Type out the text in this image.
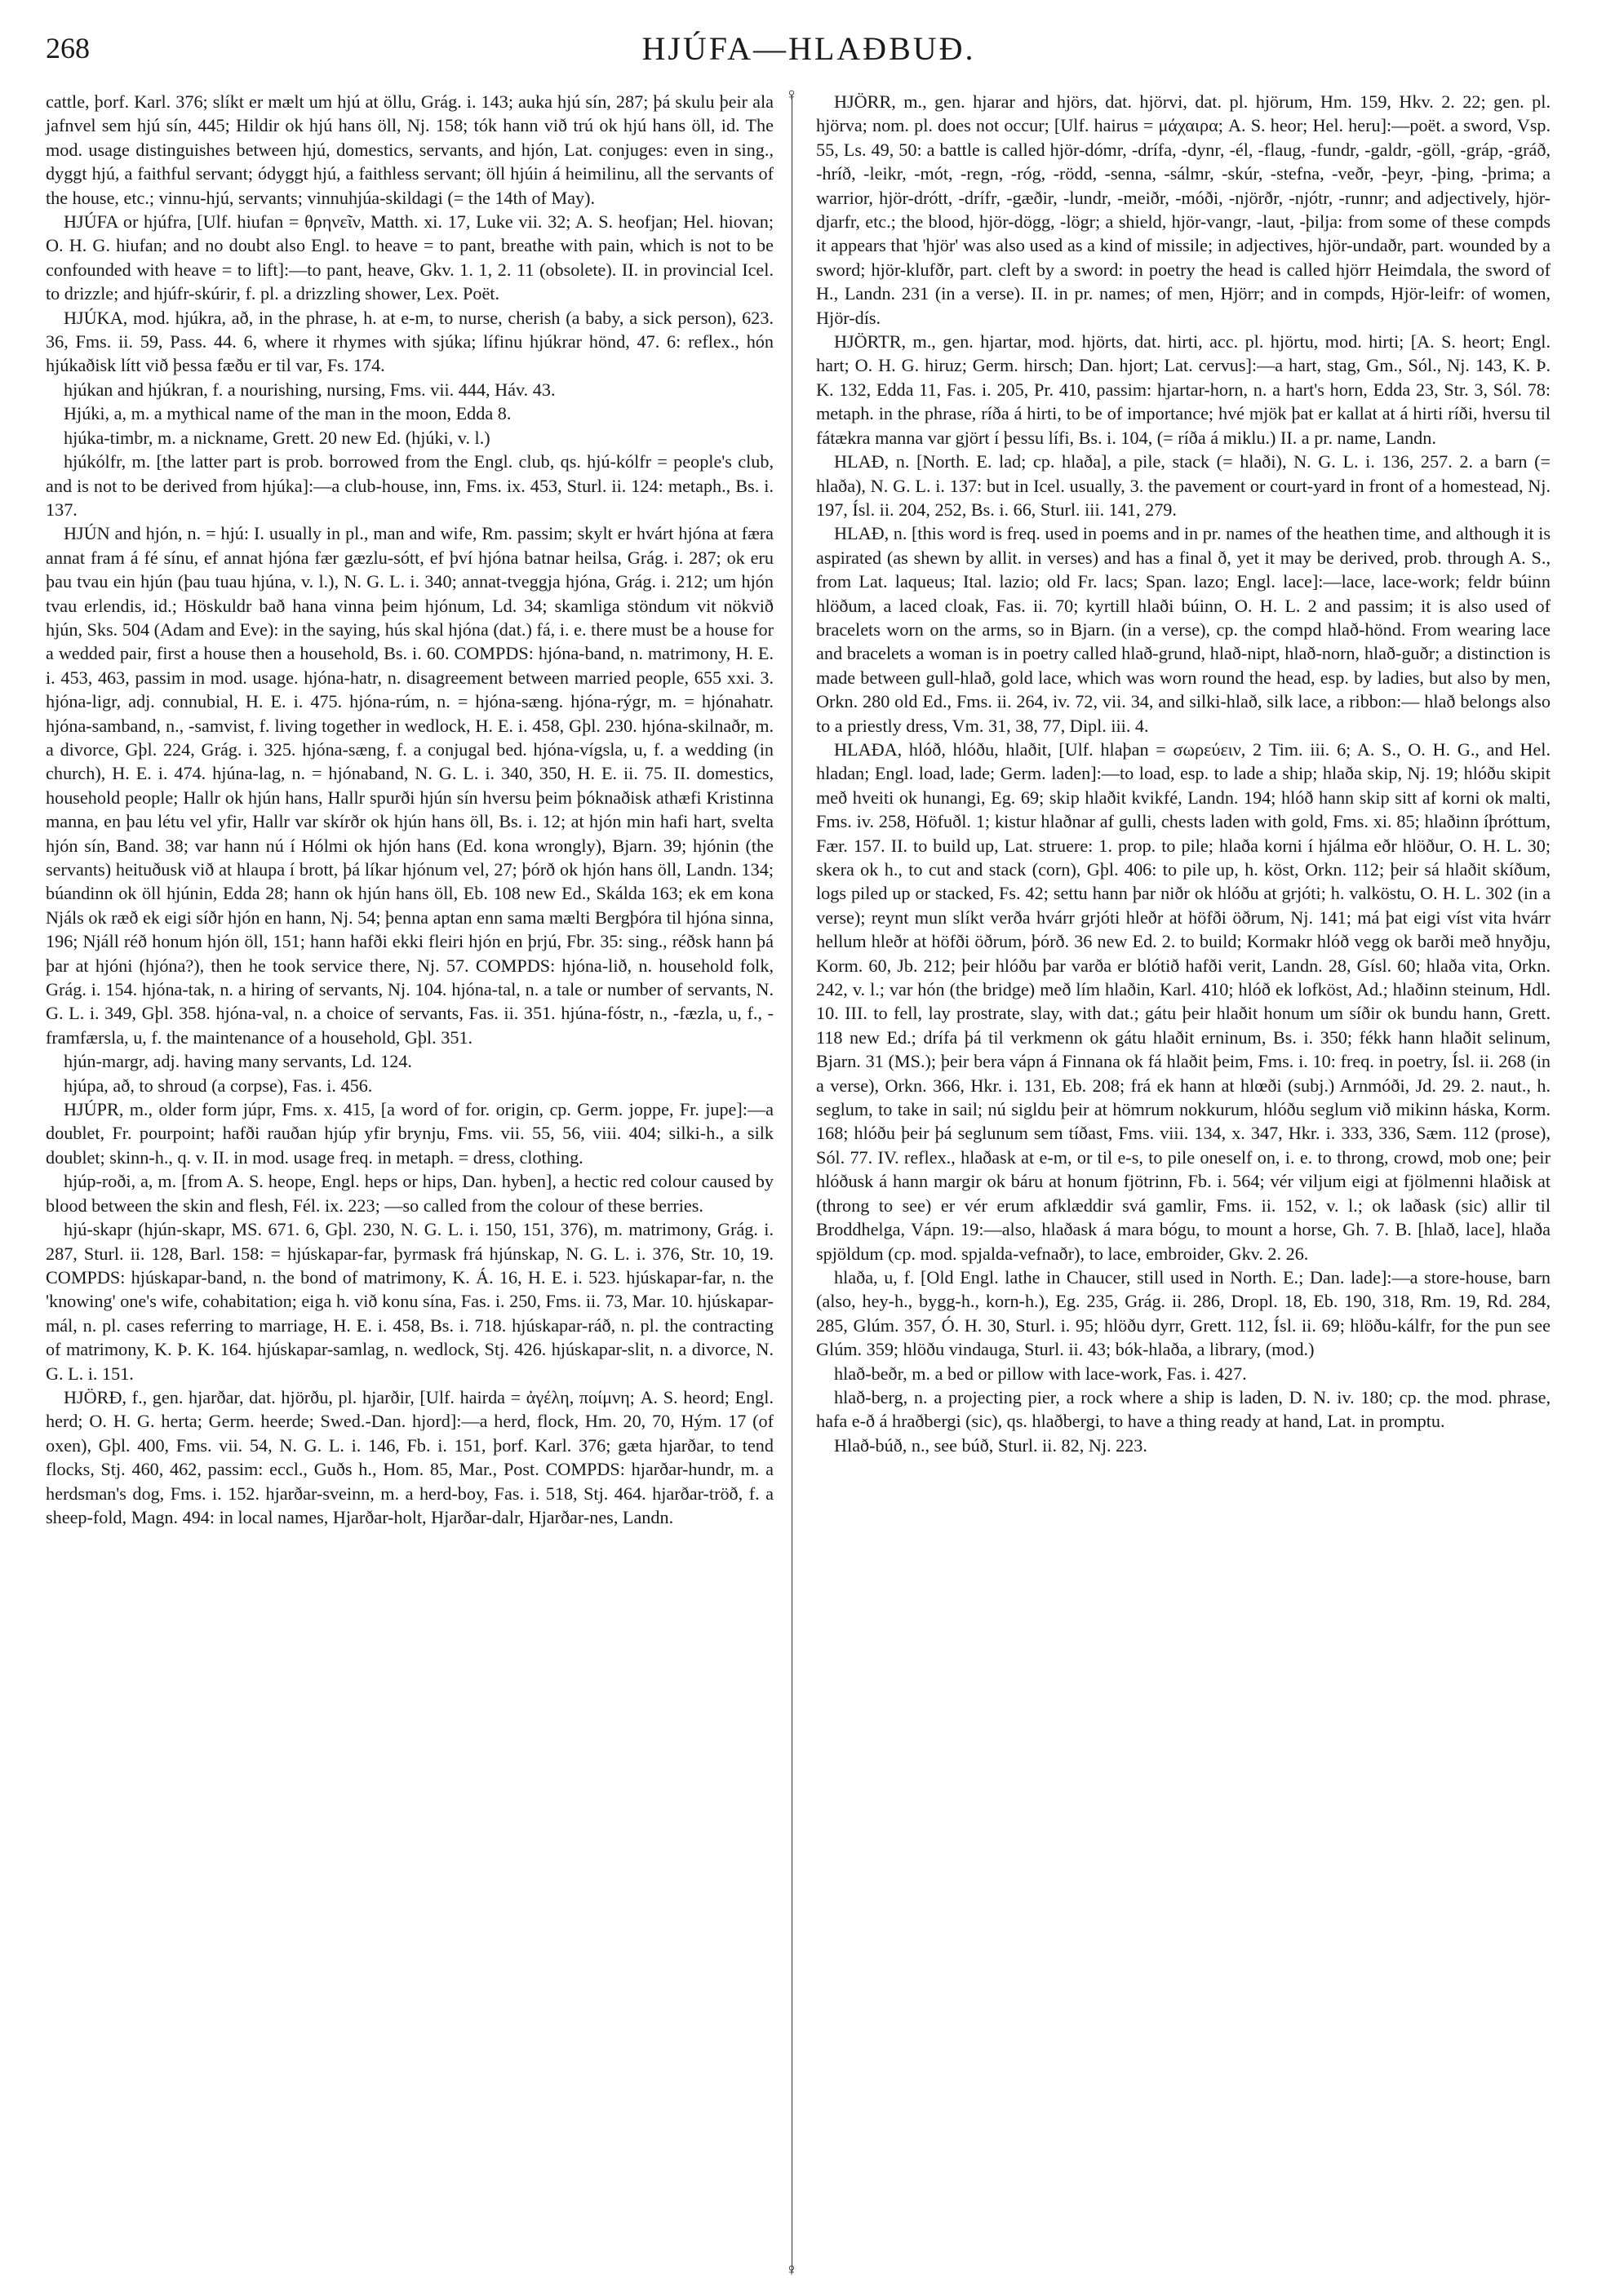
268	HJÚFA—HLAÐBUÐ.
♀
♀

cattle, þorf. Karl. 376; slíkt er mælt um hjú at öllu, Grág. i. 143; auka hjú sín, 287; þá skulu þeir ala jafnvel sem hjú sín, 445; Hildir ok hjú hans öll, Nj. 158; tók hann við trú ok hjú hans öll, id. The mod. usage distinguishes between hjú, domestics, servants, and hjón, Lat. conjuges: even in sing., dyggt hjú, a faithful servant; ódyggt hjú, a faithless servant; öll hjúin á heimilinu, all the servants of the house, etc.; vinnu-hjú, servants; vinnuhjúa-skildagi (= the 14th of May).

HJÚFA or hjúfra, [Ulf. hiufan = θρηνεῖν, Matth. xi. 17, Luke vii. 32; A. S. heofjan; Hel. hiovan; O. H. G. hiufan; and no doubt also Engl. to heave = to pant, breathe with pain, which is not to be confounded with heave = to lift]:—to pant, heave, Gkv. 1. 1, 2. 11 (obsolete). II. in provincial Icel. to drizzle; and hjúfr-skúrir, f. pl. a drizzling shower, Lex. Poët.

HJÚKA, mod. hjúkra, að, in the phrase, h. at e-m, to nurse, cherish (a baby, a sick person), 623. 36, Fms. ii. 59, Pass. 44. 6, where it rhymes with sjúka; lífinu hjúkrar hönd, 47. 6: reflex., hón hjúkaðisk lítt við þessa fæðu er til var, Fs. 174.

hjúkan and hjúkran, f. a nourishing, nursing, Fms. vii. 444, Háv. 43.

Hjúki, a, m. a mythical name of the man in the moon, Edda 8.

hjúka-timbr, m. a nickname, Grett. 20 new Ed. (hjúki, v. l.)

hjúkólfr, m. [the latter part is prob. borrowed from the Engl. club, qs. hjú-kólfr = people's club, and is not to be derived from hjúka]:—a club-house, inn, Fms. ix. 453, Sturl. ii. 124: metaph., Bs. i. 137.

HJÚN and hjón, n. = hjú: I. usually in pl., man and wife, Rm. passim; skylt er hvárt hjóna at færa annat fram á fé sínu, ef annat hjóna fær gæzlu-sótt, ef því hjóna batnar heilsa, Grág. i. 287; ok eru þau tvau ein hjún (þau tuau hjúna, v. l.), N. G. L. i. 340; annat-tveggja hjóna, Grág. i. 212; um hjón tvau erlendis, id.; Höskuldr bað hana vinna þeim hjónum, Ld. 34; skamliga stöndum vit nökvið hjún, Sks. 504 (Adam and Eve): in the saying, hús skal hjóna (dat.) fá, i. e. there must be a house for a wedded pair, first a house then a household, Bs. i. 60. COMPDS: hjóna-band, n. matrimony, H. E. i. 453, 463, passim in mod. usage. hjóna-hatr, n. disagreement between married people, 655 xxi. 3. hjóna-ligr, adj. connubial, H. E. i. 475. hjóna-rúm, n. = hjóna-sæng. hjóna-rýgr, m. = hjónahatr. hjóna-samband, n., -samvist, f. living together in wedlock, H. E. i. 458, Gþl. 230. hjóna-skilnaðr, m. a divorce, Gþl. 224, Grág. i. 325. hjóna-sæng, f. a conjugal bed. hjóna-vígsla, u, f. a wedding (in church), H. E. i. 474. hjúna-lag, n. = hjónaband, N. G. L. i. 340, 350, H. E. ii. 75. II. domestics, household people; Hallr ok hjún hans, Hallr spurði hjún sín hversu þeim þóknaðisk athæfi Kristinna manna, en þau létu vel yfir, Hallr var skírðr ok hjún hans öll, Bs. i. 12; at hjón min hafi hart, svelta hjón sín, Band. 38; var hann nú í Hólmi ok hjón hans (Ed. kona wrongly), Bjarn. 39; hjónin (the servants) heituðusk við at hlaupa í brott, þá líkar hjónum vel, 27; þórð ok hjón hans öll, Landn. 134; búandinn ok öll hjúnin, Edda 28; hann ok hjún hans öll, Eb. 108 new Ed., Skálda 163; ek em kona Njáls ok ræð ek eigi síðr hjón en hann, Nj. 54; þenna aptan enn sama mælti Bergþóra til hjóna sinna, 196; Njáll réð honum hjón öll, 151; hann hafði ekki fleiri hjón en þrjú, Fbr. 35: sing., réðsk hann þá þar at hjóni (hjóna?), then he took service there, Nj. 57. COMPDS: hjóna-lið, n. household folk, Grág. i. 154. hjóna-tak, n. a hiring of servants, Nj. 104. hjóna-tal, n. a tale or number of servants, N. G. L. i. 349, Gþl. 358. hjóna-val, n. a choice of servants, Fas. ii. 351. hjúna-fóstr, n., -fæzla, u, f., -framfærsla, u, f. the maintenance of a household, Gþl. 351.

hjún-margr, adj. having many servants, Ld. 124.

hjúpa, að, to shroud (a corpse), Fas. i. 456.

HJÚPR, m., older form júpr, Fms. x. 415, [a word of for. origin, cp. Germ. joppe, Fr. jupe]:—a doublet, Fr. pourpoint; hafði rauðan hjúp yfir brynju, Fms. vii. 55, 56, viii. 404; silki-h., a silk doublet; skinn-h., q. v. II. in mod. usage freq. in metaph. = dress, clothing.

hjúp-roði, a, m. [from A. S. heope, Engl. heps or hips, Dan. hyben], a hectic red colour caused by blood between the skin and flesh, Fél. ix. 223; —so called from the colour of these berries.

hjú-skapr (hjún-skapr, MS. 671. 6, Gþl. 230, N. G. L. i. 150, 151, 376), m. matrimony, Grág. i. 287, Sturl. ii. 128, Barl. 158: = hjúskapar-far, þyrmask frá hjúnskap, N. G. L. i. 376, Str. 10, 19. COMPDS: hjúskapar-band, n. the bond of matrimony, K. Á. 16, H. E. i. 523. hjúskapar-far, n. the 'knowing' one's wife, cohabitation; eiga h. við konu sína, Fas. i. 250, Fms. ii. 73, Mar. 10. hjúskapar-mál, n. pl. cases referring to marriage, H. E. i. 458, Bs. i. 718. hjúskapar-ráð, n. pl. the contracting of matrimony, K. Þ. K. 164. hjúskapar-samlag, n. wedlock, Stj. 426. hjúskapar-slit, n. a divorce, N. G. L. i. 151.

HJÖRÐ, f., gen. hjarðar, dat. hjörðu, pl. hjarðir, [Ulf. hairda = ἀγέλη, ποίμνη; A. S. heord; Engl. herd; O. H. G. herta; Germ. heerde; Swed.-Dan. hjord]:—a herd, flock, Hm. 20, 70, Hým. 17 (of oxen), Gþl. 400, Fms. vii. 54, N. G. L. i. 146, Fb. i. 151, þorf. Karl. 376; gæta hjarðar, to tend flocks, Stj. 460, 462, passim: eccl., Guðs h., Hom. 85, Mar., Post. COMPDS: hjarðar-hundr, m. a herdsman's dog, Fms. i. 152. hjarðar-sveinn, m. a herd-boy, Fas. i. 518, Stj. 464. hjarðar-tröð, f. a sheep-fold, Magn. 494: in local names, Hjarðar-holt, Hjarðar-dalr, Hjarðar-nes, Landn.

HJÖRR, m., gen. hjarar and hjörs, dat. hjörvi, dat. pl. hjörum, Hm. 159, Hkv. 2. 22; gen. pl. hjörva; nom. pl. does not occur; [Ulf. hairus = μάχαιρα; A. S. heor; Hel. heru]:—poët. a sword, Vsp. 55, Ls. 49, 50: a battle is called hjör-dómr, -drífa, -dynr, -él, -flaug, -fundr, -galdr, -göll, -gráp, -gráð, -hríð, -leikr, -mót, -regn, -róg, -rödd, -senna, -sálmr, -skúr, -stefna, -veðr, -þeyr, -þing, -þrima; a warrior, hjör-drótt, -drífr, -gæðir, -lundr, -meiðr, -móði, -njörðr, -njótr, -runnr; and adjectively, hjör-djarfr, etc.; the blood, hjör-dögg, -lögr; a shield, hjör-vangr, -laut, -þilja: from some of these compds it appears that 'hjör' was also used as a kind of missile; in adjectives, hjör-undaðr, part. wounded by a sword; hjör-klufðr, part. cleft by a sword: in poetry the head is called hjörr Heimdala, the sword of H., Landn. 231 (in a verse). II. in pr. names; of men, Hjörr; and in compds, Hjör-leifr: of women, Hjör-dís.

HJÖRTR, m., gen. hjartar, mod. hjörts, dat. hirti, acc. pl. hjörtu, mod. hirti; [A. S. heort; Engl. hart; O. H. G. hiruz; Germ. hirsch; Dan. hjort; Lat. cervus]:—a hart, stag, Gm., Sól., Nj. 143, K. Þ. K. 132, Edda 11, Fas. i. 205, Pr. 410, passim: hjartar-horn, n. a hart's horn, Edda 23, Str. 3, Sól. 78: metaph. in the phrase, ríða á hirti, to be of importance; hvé mjök þat er kallat at á hirti ríði, hversu til fátækra manna var gjört í þessu lífi, Bs. i. 104, (= ríða á miklu.) II. a pr. name, Landn.

HLAÐ, n. [North. E. lad; cp. hlaða], a pile, stack (= hlaði), N. G. L. i. 136, 257. 2. a barn (= hlaða), N. G. L. i. 137: but in Icel. usually, 3. the pavement or court-yard in front of a homestead, Nj. 197, Ísl. ii. 204, 252, Bs. i. 66, Sturl. iii. 141, 279.

HLAÐ, n. [this word is freq. used in poems and in pr. names of the heathen time, and although it is aspirated (as shewn by allit. in verses) and has a final ð, yet it may be derived, prob. through A. S., from Lat. laqueus; Ital. lazio; old Fr. lacs; Span. lazo; Engl. lace]:—lace, lace-work; feldr búinn hlöðum, a laced cloak, Fas. ii. 70; kyrtill hlaði búinn, O. H. L. 2 and passim; it is also used of bracelets worn on the arms, so in Bjarn. (in a verse), cp. the compd hlað-hönd. From wearing lace and bracelets a woman is in poetry called hlað-grund, hlað-nipt, hlað-norn, hlað-guðr; a distinction is made between gull-hlað, gold lace, which was worn round the head, esp. by ladies, but also by men, Orkn. 280 old Ed., Fms. ii. 264, iv. 72, vii. 34, and silki-hlað, silk lace, a ribbon:— hlað belongs also to a priestly dress, Vm. 31, 38, 77, Dipl. iii. 4.

HLAÐA, hlóð, hlóðu, hlaðit, [Ulf. hlaþan = σωρεύειν, 2 Tim. iii. 6; A. S., O. H. G., and Hel. hladan; Engl. load, lade; Germ. laden]:—to load, esp. to lade a ship; hlaða skip, Nj. 19; hlóðu skipit með hveiti ok hunangi, Eg. 69; skip hlaðit kvikfé, Landn. 194; hlóð hann skip sitt af korni ok malti, Fms. iv. 258, Höfuðl. 1; kistur hlaðnar af gulli, chests laden with gold, Fms. xi. 85; hlaðinn íþróttum, Fær. 157. II. to build up, Lat. struere: 1. prop. to pile; hlaða korni í hjálma eðr hlöður, O. H. L. 30; skera ok h., to cut and stack (corn), Gþl. 406: to pile up, h. köst, Orkn. 112; þeir sá hlaðit skíðum, logs piled up or stacked, Fs. 42; settu hann þar niðr ok hlóðu at grjóti; h. valköstu, O. H. L. 302 (in a verse); reynt mun slíkt verða hvárr grjóti hleðr at höfði öðrum, Nj. 141; má þat eigi víst vita hvárr hellum hleðr at höfði öðrum, þórð. 36 new Ed. 2. to build; Kormakr hlóð vegg ok barði með hnyðju, Korm. 60, Jb. 212; þeir hlóðu þar varða er blótið hafði verit, Landn. 28, Gísl. 60; hlaða vita, Orkn. 242, v. l.; var hón (the bridge) með lím hlaðin, Karl. 410; hlóð ek lofköst, Ad.; hlaðinn steinum, Hdl. 10. III. to fell, lay prostrate, slay, with dat.; gátu þeir hlaðit honum um síðir ok bundu hann, Grett. 118 new Ed.; drífa þá til verkmenn ok gátu hlaðit erninum, Bs. i. 350; fékk hann hlaðit selinum, Bjarn. 31 (MS.); þeir bera vápn á Finnana ok fá hlaðit þeim, Fms. i. 10: freq. in poetry, Ísl. ii. 268 (in a verse), Orkn. 366, Hkr. i. 131, Eb. 208; frá ek hann at hlœði (subj.) Arnmóði, Jd. 29. 2. naut., h. seglum, to take in sail; nú sigldu þeir at hömrum nokkurum, hlóðu seglum við mikinn háska, Korm. 168; hlóðu þeir þá seglunum sem tíðast, Fms. viii. 134, x. 347, Hkr. i. 333, 336, Sæm. 112 (prose), Sól. 77. IV. reflex., hlaðask at e-m, or til e-s, to pile oneself on, i. e. to throng, crowd, mob one; þeir hlóðusk á hann margir ok báru at honum fjötrinn, Fb. i. 564; vér viljum eigi at fjölmenni hlaðisk at (throng to see) er vér erum afklæddir svá gamlir, Fms. ii. 152, v. l.; ok laðask (sic) allir til Broddhelga, Vápn. 19:—also, hlaðask á mara bógu, to mount a horse, Gh. 7. B. [hlað, lace], hlaða spjöldum (cp. mod. spjalda-vefnaðr), to lace, embroider, Gkv. 2. 26.

hlaða, u, f. [Old Engl. lathe in Chaucer, still used in North. E.; Dan. lade]:—a store-house, barn (also, hey-h., bygg-h., korn-h.), Eg. 235, Grág. ii. 286, Dropl. 18, Eb. 190, 318, Rm. 19, Rd. 284, 285, Glúm. 357, Ó. H. 30, Sturl. i. 95; hlöðu dyrr, Grett. 112, Ísl. ii. 69; hlöðu-kálfr, for the pun see Glúm. 359; hlöðu vindauga, Sturl. ii. 43; bók-hlaða, a library, (mod.)

hlað-beðr, m. a bed or pillow with lace-work, Fas. i. 427.

hlað-berg, n. a projecting pier, a rock where a ship is laden, D. N. iv. 180; cp. the mod. phrase, hafa e-ð á hraðbergi (sic), qs. hlaðbergi, to have a thing ready at hand, Lat. in promptu.

Hlað-búð, n., see búð, Sturl. ii. 82, Nj. 223.
